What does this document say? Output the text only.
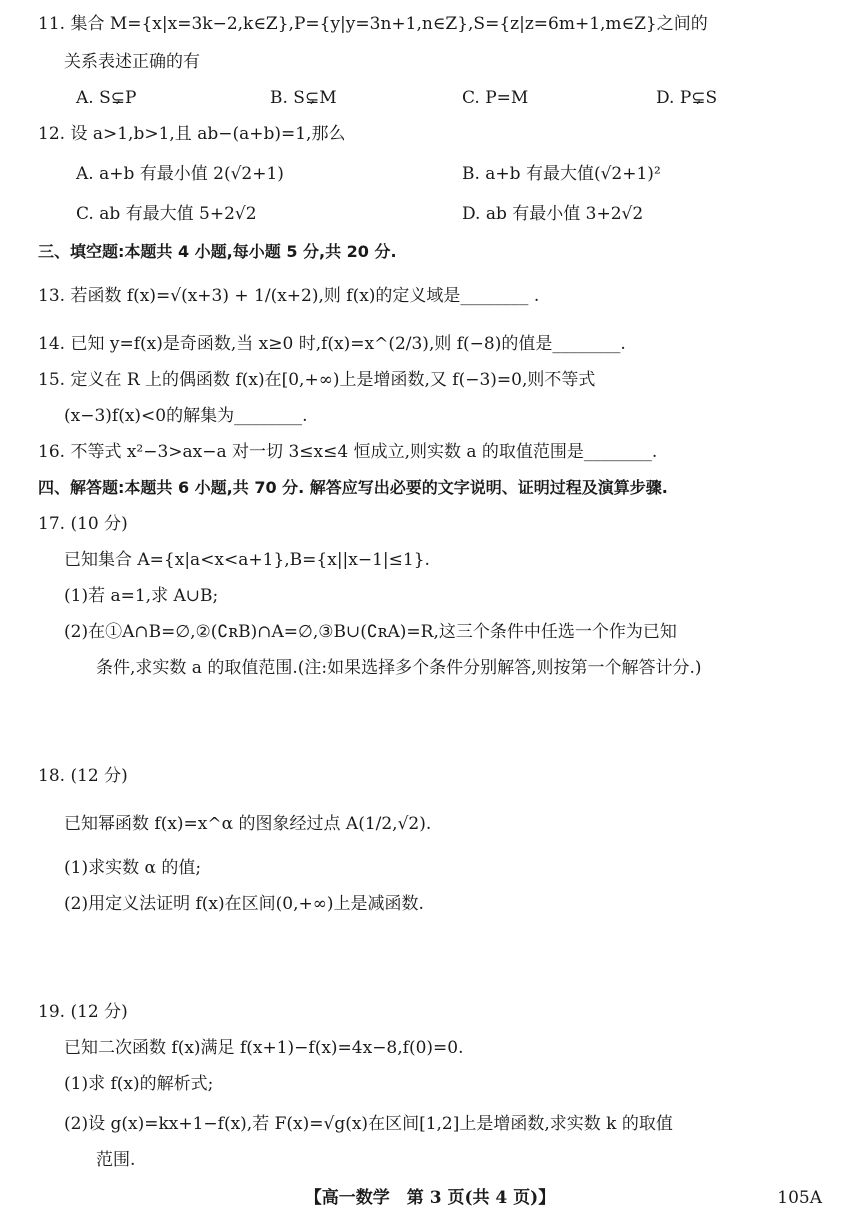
11. 集合 M={x|x=3k−2,k∈Z},P={y|y=3n+1,n∈Z},S={z|z=6m+1,m∈Z}之间的
关系表述正确的有
A. S⊊P	B. S⊊M	C. P=M	D. P⊊S
12. 设 a>1,b>1,且 ab−(a+b)=1,那么
A. a+b 有最小值 2(√2+1)	B. a+b 有最大值(√2+1)²
C. ab 有最大值 5+2√2	D. ab 有最小值 3+2√2
三、填空题:本题共 4 小题,每小题 5 分,共 20 分.
13. 若函数 f(x)=√(x+3) + 1/(x+2),则 f(x)的定义域是________ .
14. 已知 y=f(x)是奇函数,当 x≥0 时,f(x)=x^(2/3),则 f(−8)的值是________.
15. 定义在 R 上的偶函数 f(x)在[0,+∞)上是增函数,又 f(−3)=0,则不等式
(x−3)f(x)<0的解集为________.
16. 不等式 x²−3>ax−a 对一切 3≤x≤4 恒成立,则实数 a 的取值范围是________.
四、解答题:本题共 6 小题,共 70 分. 解答应写出必要的文字说明、证明过程及演算步骤.
17. (10 分)
已知集合 A={x|a<x<a+1},B={x||x−1|≤1}.
(1)若 a=1,求 A∪B;
(2)在①A∩B=∅,②(∁ʀB)∩A=∅,③B∪(∁ʀA)=R,这三个条件中任选一个作为已知
条件,求实数 a 的取值范围.(注:如果选择多个条件分别解答,则按第一个解答计分.)
18. (12 分)
已知幂函数 f(x)=x^α 的图象经过点 A(1/2,√2).
(1)求实数 α 的值;
(2)用定义法证明 f(x)在区间(0,+∞)上是减函数.
19. (12 分)
已知二次函数 f(x)满足 f(x+1)−f(x)=4x−8,f(0)=0.
(1)求 f(x)的解析式;
(2)设 g(x)=kx+1−f(x),若 F(x)=√g(x)在区间[1,2]上是增函数,求实数 k 的取值
范围.
【高一数学　第 3 页(共 4 页)】	105A
